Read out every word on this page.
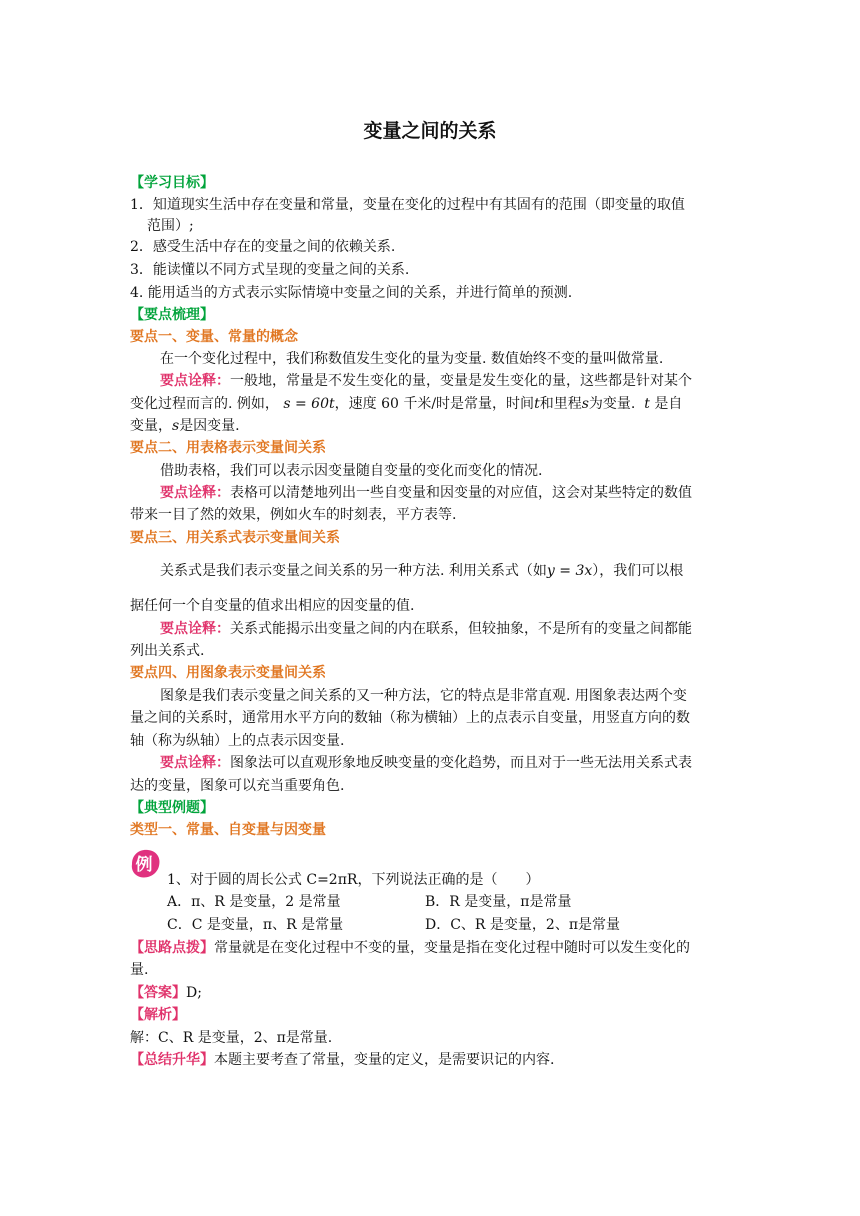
变量之间的关系
【学习目标】
1．知道现实生活中存在变量和常量，变量在变化的过程中有其固有的范围（即变量的取值
范围）;
2．感受生活中存在的变量之间的依赖关系.
3．能读懂以不同方式呈现的变量之间的关系.
4. 能用适当的方式表示实际情境中变量之间的关系，并进行简单的预测.
【要点梳理】
要点一、变量、常量的概念
在一个变化过程中，我们称数值发生变化的量为变量. 数值始终不变的量叫做常量.
要点诠释：一般地，常量是不发生变化的量，变量是发生变化的量，这些都是针对某个
变化过程而言的. 例如， s = 60t，速度 60 千米/时是常量，时间t和里程s为变量. t 是自
变量，s是因变量.
要点二、用表格表示变量间关系
借助表格，我们可以表示因变量随自变量的变化而变化的情况.
要点诠释：表格可以清楚地列出一些自变量和因变量的对应值，这会对某些特定的数值
带来一目了然的效果，例如火车的时刻表，平方表等.
要点三、用关系式表示变量间关系
关系式是我们表示变量之间关系的另一种方法. 利用关系式（如y = 3x），我们可以根
据任何一个自变量的值求出相应的因变量的值.
要点诠释：关系式能揭示出变量之间的内在联系，但较抽象，不是所有的变量之间都能
列出关系式.
要点四、用图象表示变量间关系
图象是我们表示变量之间关系的又一种方法，它的特点是非常直观. 用图象表达两个变
量之间的关系时，通常用水平方向的数轴（称为横轴）上的点表示自变量，用竖直方向的数
轴（称为纵轴）上的点表示因变量.
要点诠释：图象法可以直观形象地反映变量的变化趋势，而且对于一些无法用关系式表
达的变量，图象可以充当重要角色.
【典型例题】
类型一、常量、自变量与因变量
例
1、对于圆的周长公式 C=2πR，下列说法正确的是（　　）
A．π、R 是变量，2 是常量	B．R 是变量，π是常量
C．C 是变量，π、R 是常量	D．C、R 是变量，2、π是常量
【思路点拨】常量就是在变化过程中不变的量，变量是指在变化过程中随时可以发生变化的
量.
【答案】D;
【解析】
解：C、R 是变量，2、π是常量.
【总结升华】本题主要考查了常量，变量的定义，是需要识记的内容.
